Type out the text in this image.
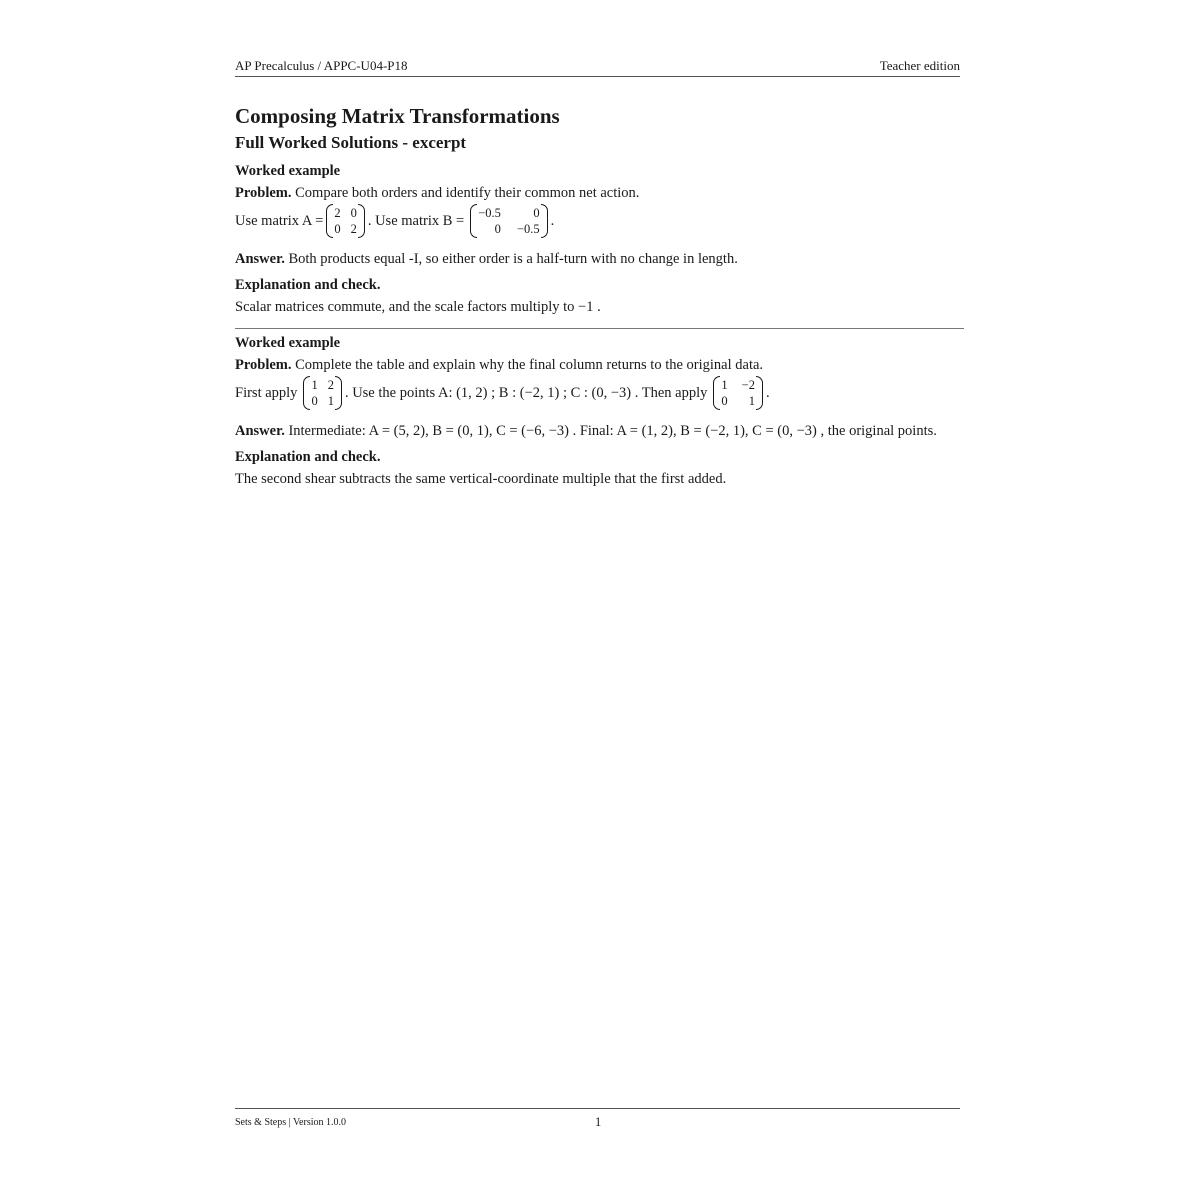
AP Precalculus / APPC-U04-P18	Teacher edition
Composing Matrix Transformations
Full Worked Solutions - excerpt

Worked example

Problem. Compare both orders and identify their common net action.

Use matrix A = 2 0
0 2
. Use matrix B = −0.5	0
0 −0.5
.

Answer. Both products equal -I, so either order is a half-turn with no change in length.

Explanation and check.

Scalar matrices commute, and the scale factors multiply to −1 .

Worked example

Problem. Complete the table and explain why the final column returns to the original data.

First apply 1 2
0 1
. Use the points A: (1, 2) ; B : (−2, 1) ; C : (0, −3) . Then apply 1 −2
0	1
.

Answer. Intermediate: A = (5, 2), B = (0, 1), C = (−6, −3) . Final: A = (1, 2), B = (−2, 1), C = (0, −3) , the original points.

Explanation and check.

The second shear subtracts the same vertical-coordinate multiple that the first added.

Sets & Steps | Version 1.0.0	1
